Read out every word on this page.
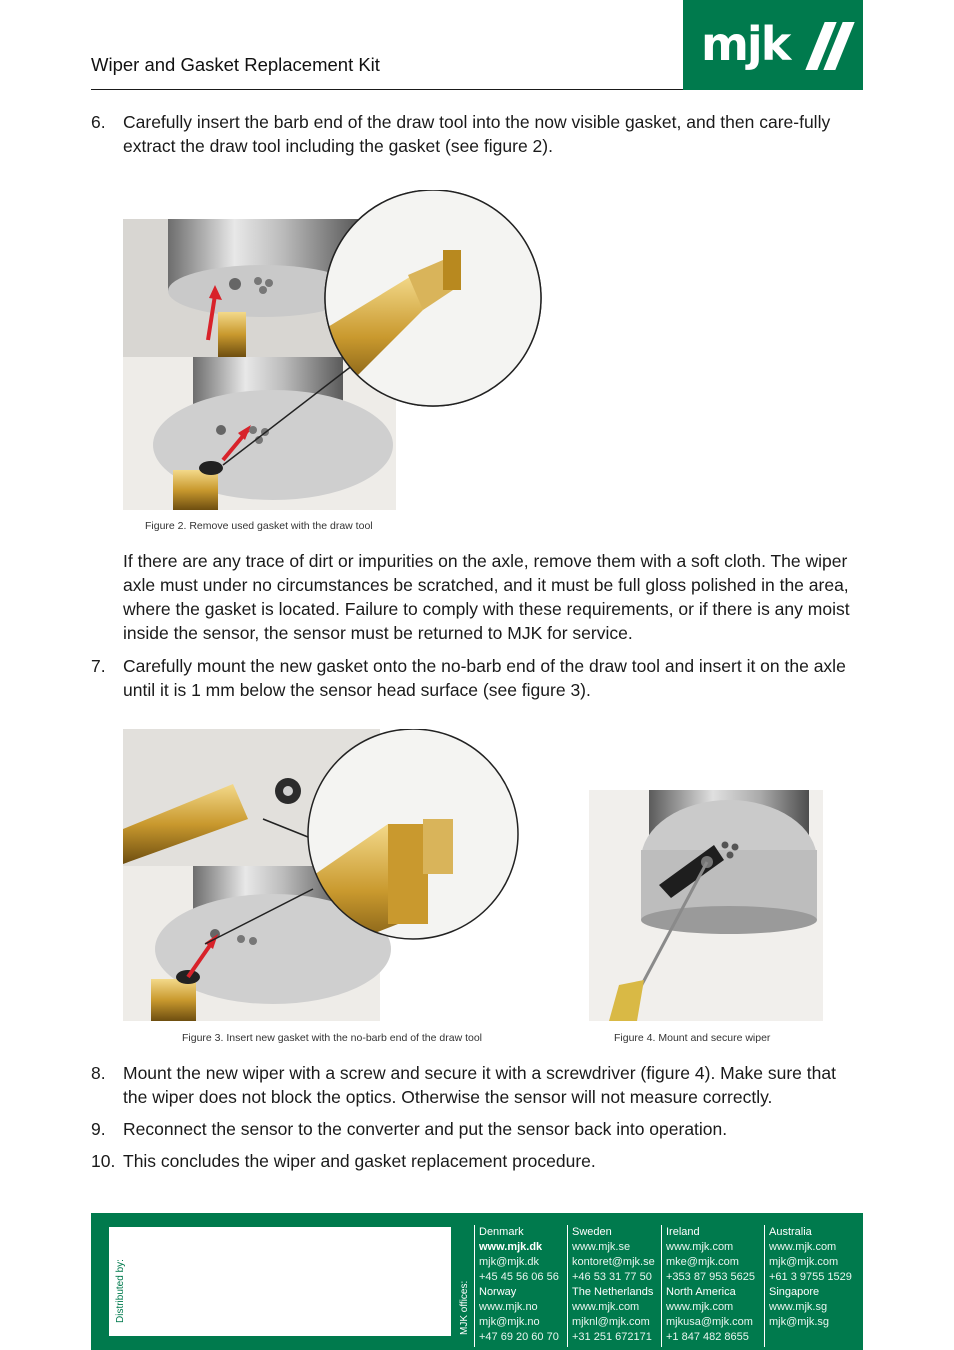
Wiper and Gasket Replacement Kit	mjk
6. Carefully insert the barb end of the draw tool into the now visible gasket, and then care-fully extract the draw tool including the gasket (see figure 2).
Figure 2. Remove used gasket with the draw tool
If there are any trace of dirt or impurities on the axle, remove them with a soft cloth. The wiper axle must under no circumstances be scratched, and it must be full gloss polished in the area, where the gasket is located. Failure to comply with these requirements, or if there is any moist inside the sensor, the sensor must be returned to MJK for service.
7. Carefully mount the new gasket onto the no-barb end of the draw tool and insert it on the axle until it is 1 mm below the sensor head surface (see figure 3).
Figure 3. Insert new gasket with the no-barb end of the draw tool	Figure 4. Mount and secure wiper
8. Mount the new wiper with a screw and secure it with a screwdriver (figure 4). Make sure that the wiper does not block the optics. Otherwise the sensor will not measure correctly.
9. Reconnect the sensor to the converter and put the sensor back into operation.
10. This concludes the wiper and gasket replacement procedure.
Distributed by:	MJK offices:
Denmark
www.mjk.dk
mjk@mjk.dk
+45 45 56 06 56
Norway
www.mjk.no
mjk@mjk.no
+47 69 20 60 70
Sweden
www.mjk.se
kontoret@mjk.se
+46 53 31 77 50
The Netherlands
www.mjk.com
mjknl@mjk.com
+31 251 672171
Ireland
www.mjk.com
mke@mjk.com
+353 87 953 5625
North America
www.mjk.com
mjkusa@mjk.com
+1 847 482 8655
Australia
www.mjk.com
mjk@mjk.com
+61 3 9755 1529
Singapore
www.mjk.sg
mjk@mjk.sg
